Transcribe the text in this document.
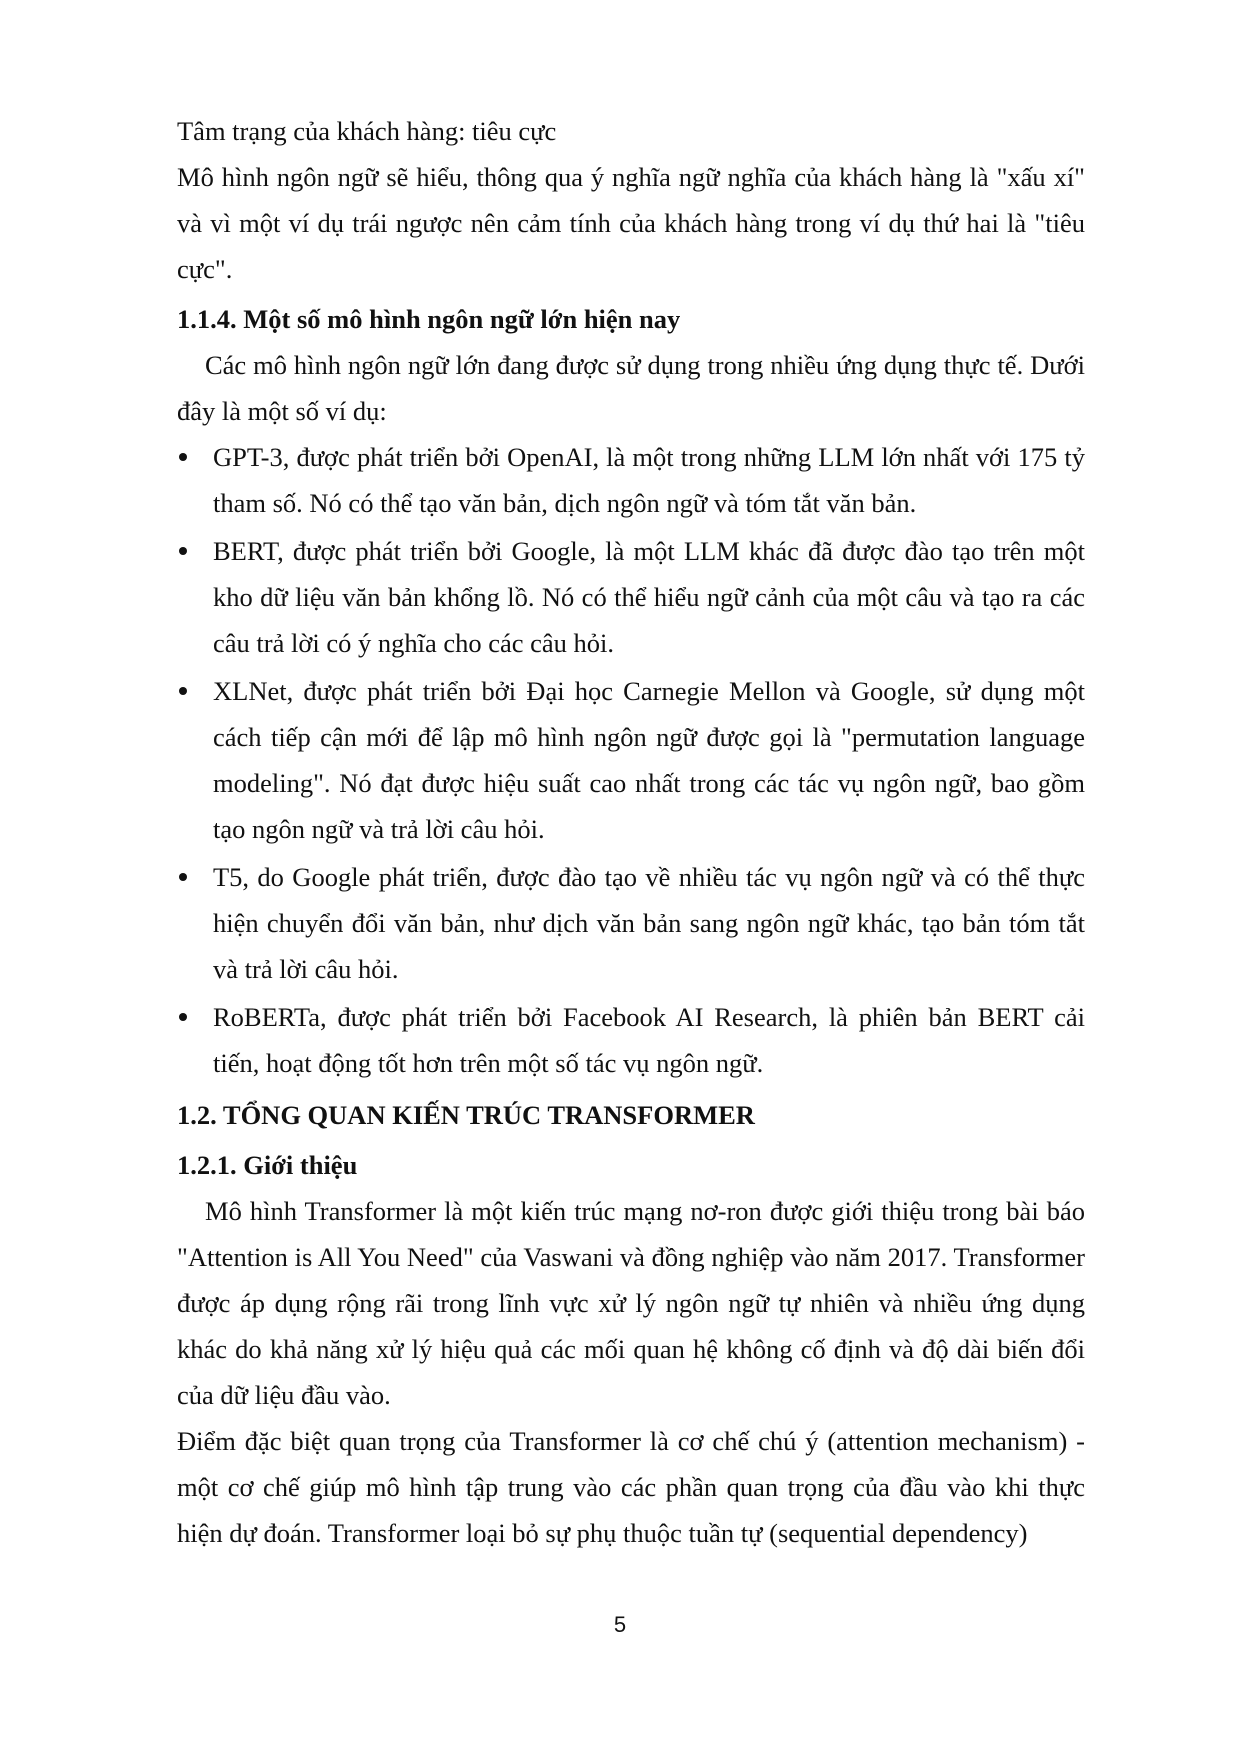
Tâm trạng của khách hàng: tiêu cực

Mô hình ngôn ngữ sẽ hiểu, thông qua ý nghĩa ngữ nghĩa của khách hàng là "xấu xí" và vì một ví dụ trái ngược nên cảm tính của khách hàng trong ví dụ thứ hai là "tiêu cực".

1.1.4. Một số mô hình ngôn ngữ lớn hiện nay

Các mô hình ngôn ngữ lớn đang được sử dụng trong nhiều ứng dụng thực tế. Dưới đây là một số ví dụ:

GPT-3, được phát triển bởi OpenAI, là một trong những LLM lớn nhất với 175 tỷ tham số. Nó có thể tạo văn bản, dịch ngôn ngữ và tóm tắt văn bản.
BERT, được phát triển bởi Google, là một LLM khác đã được đào tạo trên một kho dữ liệu văn bản khổng lồ. Nó có thể hiểu ngữ cảnh của một câu và tạo ra các câu trả lời có ý nghĩa cho các câu hỏi.
XLNet, được phát triển bởi Đại học Carnegie Mellon và Google, sử dụng một cách tiếp cận mới để lập mô hình ngôn ngữ được gọi là "permutation language modeling". Nó đạt được hiệu suất cao nhất trong các tác vụ ngôn ngữ, bao gồm tạo ngôn ngữ và trả lời câu hỏi.
T5, do Google phát triển, được đào tạo về nhiều tác vụ ngôn ngữ và có thể thực hiện chuyển đổi văn bản, như dịch văn bản sang ngôn ngữ khác, tạo bản tóm tắt và trả lời câu hỏi.
RoBERTa, được phát triển bởi Facebook AI Research, là phiên bản BERT cải tiến, hoạt động tốt hơn trên một số tác vụ ngôn ngữ.
1.2. TỔNG QUAN KIẾN TRÚC TRANSFORMER
1.2.1. Giới thiệu

Mô hình Transformer là một kiến trúc mạng nơ-ron được giới thiệu trong bài báo "Attention is All You Need" của Vaswani và đồng nghiệp vào năm 2017. Transformer được áp dụng rộng rãi trong lĩnh vực xử lý ngôn ngữ tự nhiên và nhiều ứng dụng khác do khả năng xử lý hiệu quả các mối quan hệ không cố định và độ dài biến đổi của dữ liệu đầu vào.

Điểm đặc biệt quan trọng của Transformer là cơ chế chú ý (attention mechanism) - một cơ chế giúp mô hình tập trung vào các phần quan trọng của đầu vào khi thực hiện dự đoán. Transformer loại bỏ sự phụ thuộc tuần tự (sequential dependency)

5
